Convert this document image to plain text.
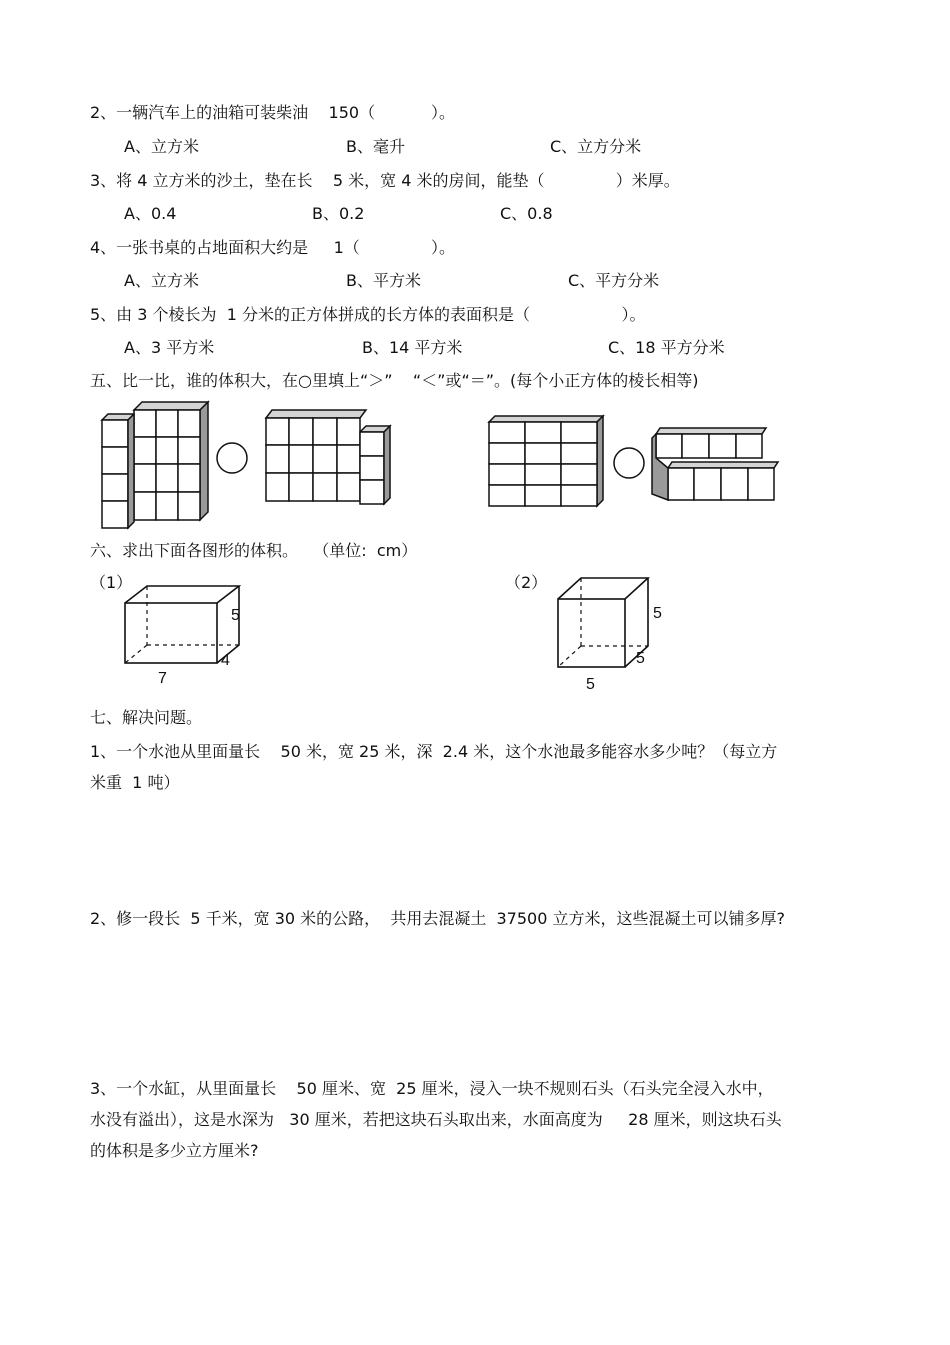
2、一辆汽车上的油箱可装柴油    150（           ）。
A、立方米	B、毫升	C、立方分米
3、将 4 立方米的沙土，垫在长    5 米，宽 4 米的房间，能垫（              ）米厚。
A、0.4	B、0.2	C、0.8
4、一张书桌的占地面积大约是     1（              ）。
A、立方米	B、平方米	C、平方分米
5、由 3 个棱长为  1 分米的正方体拼成的长方体的表面积是（                  ）。
A、3 平方米	B、14 平方米	C、18 平方分米
五、比一比，谁的体积大，在○里填上“＞”    “＜”或“＝”。(每个小正方体的棱长相等)
六、求出下面各图形的体积。   （单位:  cm）
（1）	（2）
5
4
7
5
5
5
七、解决问题。
1、一个水池从里面量长    50 米，宽 25 米，深  2.4 米，这个水池最多能容水多少吨？（每立方
米重  1 吨）
2、修一段长  5 千米，宽 30 米的公路，  共用去混凝土  37500 立方米，这些混凝土可以铺多厚?
3、一个水缸，从里面量长    50 厘米、宽  25 厘米，浸入一块不规则石头（石头完全浸入水中，
水没有溢出），这是水深为   30 厘米，若把这块石头取出来，水面高度为     28 厘米，则这块石头
的体积是多少立方厘米?
